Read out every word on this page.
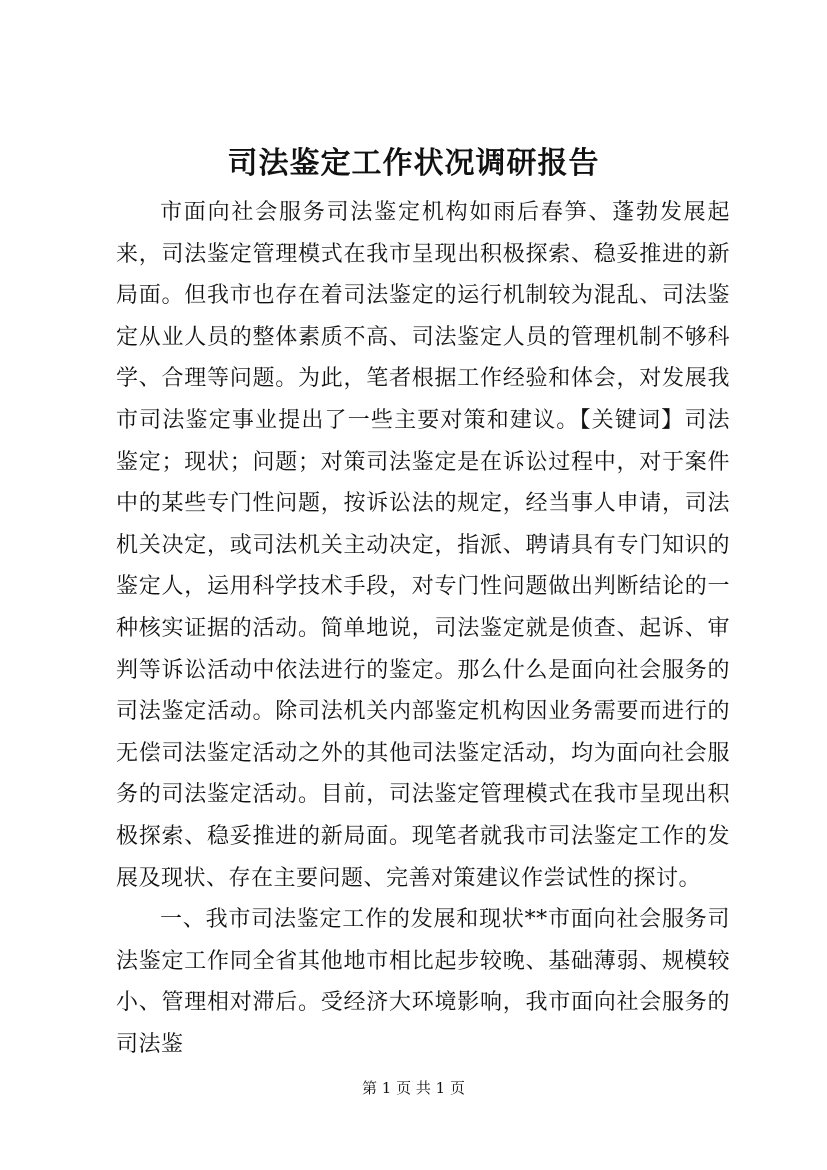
司法鉴定工作状况调研报告

市面向社会服务司法鉴定机构如雨后春笋、蓬勃发展起来，司法鉴定管理模式在我市呈现出积极探索、稳妥推进的新局面。但我市也存在着司法鉴定的运行机制较为混乱、司法鉴定从业人员的整体素质不高、司法鉴定人员的管理机制不够科学、合理等问题。为此，笔者根据工作经验和体会，对发展我市司法鉴定事业提出了一些主要对策和建议。【关键词】司法鉴定；现状；问题；对策司法鉴定是在诉讼过程中，对于案件中的某些专门性问题，按诉讼法的规定，经当事人申请，司法机关决定，或司法机关主动决定，指派、聘请具有专门知识的鉴定人，运用科学技术手段，对专门性问题做出判断结论的一种核实证据的活动。简单地说，司法鉴定就是侦查、起诉、审判等诉讼活动中依法进行的鉴定。那么什么是面向社会服务的司法鉴定活动。除司法机关内部鉴定机构因业务需要而进行的无偿司法鉴定活动之外的其他司法鉴定活动，均为面向社会服务的司法鉴定活动。目前，司法鉴定管理模式在我市呈现出积极探索、稳妥推进的新局面。现笔者就我市司法鉴定工作的发展及现状、存在主要问题、完善对策建议作尝试性的探讨。

一、我市司法鉴定工作的发展和现状**市面向社会服务司法鉴定工作同全省其他地市相比起步较晚、基础薄弱、规模较小、管理相对滞后。受经济大环境影响，我市面向社会服务的司法鉴

第 1 页 共 1 页
